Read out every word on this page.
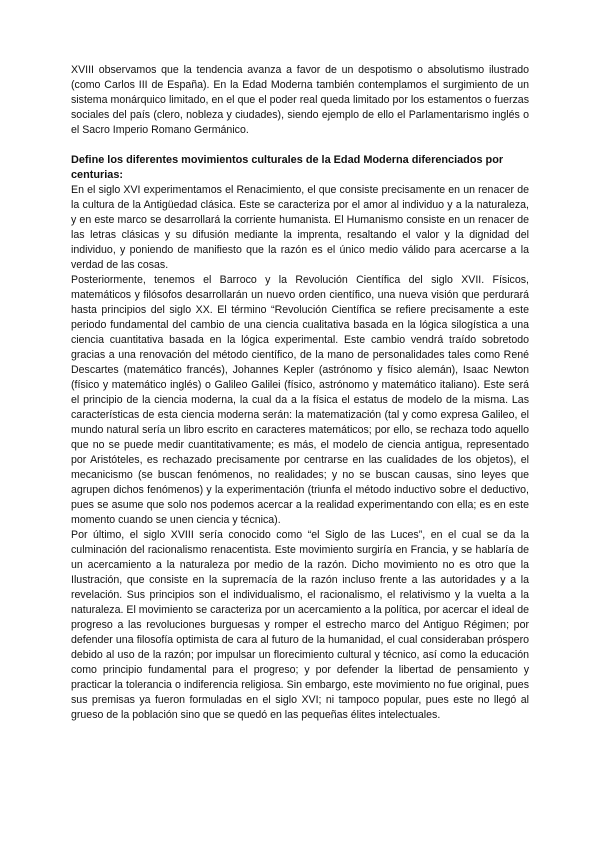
XVIII observamos que la tendencia avanza a favor de un despotismo o absolutismo ilustrado (como Carlos III de España). En la Edad Moderna también contemplamos el surgimiento de un sistema monárquico limitado, en el que el poder real queda limitado por los estamentos o fuerzas sociales del país (clero, nobleza y ciudades), siendo ejemplo de ello el Parlamentarismo inglés o el Sacro Imperio Romano Germánico.

Define los diferentes movimientos culturales de la Edad Moderna diferenciados por centurias:

En el siglo XVI experimentamos el Renacimiento, el que consiste precisamente en un renacer de la cultura de la Antigüedad clásica. Este se caracteriza por el amor al individuo y a la naturaleza, y en este marco se desarrollará la corriente humanista. El Humanismo consiste en un renacer de las letras clásicas y su difusión mediante la imprenta, resaltando el valor y la dignidad del individuo, y poniendo de manifiesto que la razón es el único medio válido para acercarse a la verdad de las cosas.

Posteriormente, tenemos el Barroco y la Revolución Científica del siglo XVII. Físicos, matemáticos y filósofos desarrollarán un nuevo orden científico, una nueva visión que perdurará hasta principios del siglo XX. El término “Revolución Científica se refiere precisamente a este periodo fundamental del cambio de una ciencia cualitativa basada en la lógica silogística a una ciencia cuantitativa basada en la lógica experimental. Este cambio vendrá traído sobretodo gracias a una renovación del método científico, de la mano de personalidades tales como René Descartes (matemático francés), Johannes Kepler (astrónomo y físico alemán), Isaac Newton (físico y matemático inglés) o Galileo Galilei (físico, astrónomo y matemático italiano). Este será el principio de la ciencia moderna, la cual da a la física el estatus de modelo de la misma. Las características de esta ciencia moderna serán: la matematización (tal y como expresa Galileo, el mundo natural sería un libro escrito en caracteres matemáticos; por ello, se rechaza todo aquello que no se puede medir cuantitativamente; es más, el modelo de ciencia antigua, representado por Aristóteles, es rechazado precisamente por centrarse en las cualidades de los objetos), el mecanicismo (se buscan fenómenos, no realidades; y no se buscan causas, sino leyes que agrupen dichos fenómenos) y la experimentación (triunfa el método inductivo sobre el deductivo, pues se asume que solo nos podemos acercar a la realidad experimentando con ella; es en este momento cuando se unen ciencia y técnica).

Por último, el siglo XVIII sería conocido como “el Siglo de las Luces”, en el cual se da la culminación del racionalismo renacentista. Este movimiento surgiría en Francia, y se hablaría de un acercamiento a la naturaleza por medio de la razón. Dicho movimiento no es otro que la Ilustración, que consiste en la supremacía de la razón incluso frente a las autoridades y a la revelación. Sus principios son el individualismo, el racionalismo, el relativismo y la vuelta a la naturaleza. El movimiento se caracteriza por un acercamiento a la política, por acercar el ideal de progreso a las revoluciones burguesas y romper el estrecho marco del Antiguo Régimen; por defender una filosofía optimista de cara al futuro de la humanidad, el cual consideraban próspero debido al uso de la razón; por impulsar un florecimiento cultural y técnico, así como la educación como principio fundamental para el progreso; y por defender la libertad de pensamiento y practicar la tolerancia o indiferencia religiosa. Sin embargo, este movimiento no fue original, pues sus premisas ya fueron formuladas en el siglo XVI; ni tampoco popular, pues este no llegó al grueso de la población sino que se quedó en las pequeñas élites intelectuales.
